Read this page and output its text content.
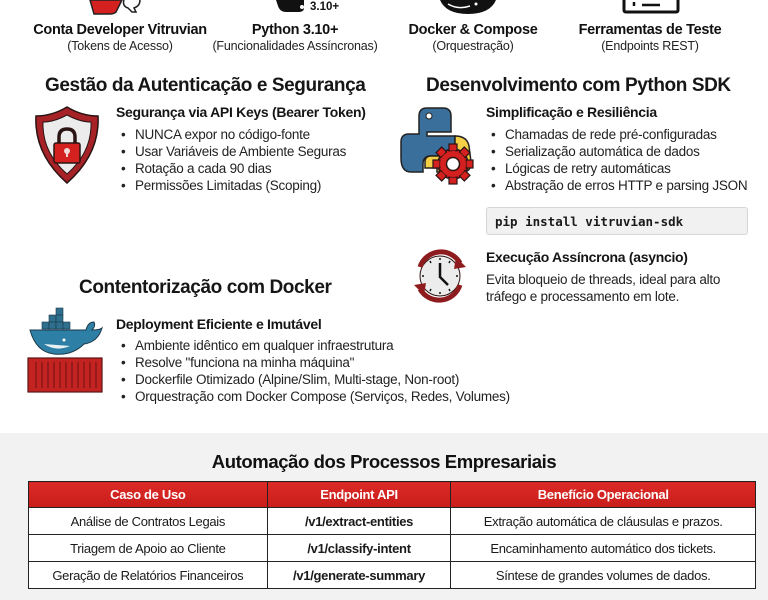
Conta Developer Vitruvian
(Tokens de Acesso)
3.10+
Python 3.10+
(Funcionalidades Assíncronas)
Docker & Compose
(Orquestração)
Ferramentas de Teste
(Endpoints REST)
Gestão da Autenticação e Segurança
Segurança via API Keys (Bearer Token)
• NUNCA expor no código-fonte
• Usar Variáveis de Ambiente Seguras
• Rotação a cada 90 dias
• Permissões Limitadas (Scoping)
Desenvolvimento com Python SDK
Simplificação e Resiliência
• Chamadas de rede pré-configuradas
• Serialização automática de dados
• Lógicas de retry automáticas
• Abstração de erros HTTP e parsing JSON
pip install vitruvian-sdk
Execução Assíncrona (asyncio)
Evita bloqueio de threads, ideal para alto
tráfego e processamento em lote.
Contentorização com Docker
Deployment Eficiente e Imutável
• Ambiente idêntico em qualquer infraestrutura
• Resolve "funciona na minha máquina"
• Dockerfile Otimizado (Alpine/Slim, Multi-stage, Non-root)
• Orquestração com Docker Compose (Serviços, Redes, Volumes)
Automação dos Processos Empresariais
Caso de Uso	Endpoint API	Benefício Operacional
Análise de Contratos Legais	/v1/extract-entities	Extração automática de cláusulas e prazos.
Triagem de Apoio ao Cliente	/v1/classify-intent	Encaminhamento automático dos tickets.
Geração de Relatórios Financeiros	/v1/generate-summary	Síntese de grandes volumes de dados.
